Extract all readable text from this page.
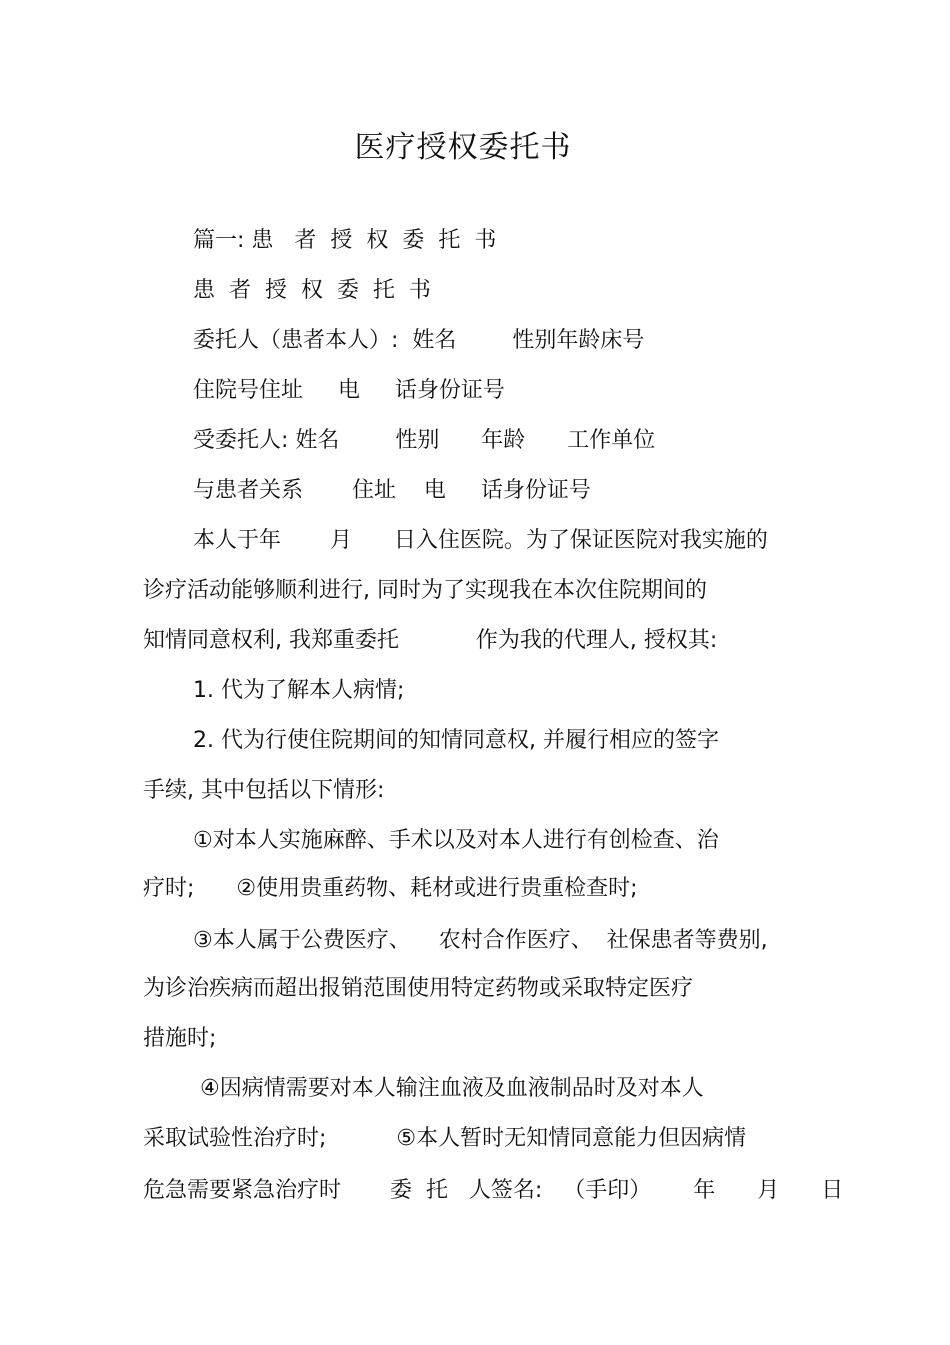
医疗授权委托书
篇一: 患   者  授  权  委  托  书
患  者  授  权  委  托  书
委托人（患者本人）:  姓名        性别年龄床号
住院号住址     电     话身份证号
受委托人: 姓名        性别      年龄      工作单位
与患者关系       住址    电     话身份证号
本人于年       月      日入住医院。为了保证医院对我实施的
诊疗活动能够顺利进行, 同时为了实现我在本次住院期间的
知情同意权利, 我郑重委托           作为我的代理人, 授权其:
1. 代为了解本人病情;
2. 代为行使住院期间的知情同意权, 并履行相应的签字
手续, 其中包括以下情形:
①对本人实施麻醉、手术以及对本人进行有创检查、治
疗时;      ②使用贵重药物、耗材或进行贵重检查时;
③本人属于公费医疗、    农村合作医疗、  社保患者等费别,
为诊治疾病而超出报销范围使用特定药物或采取特定医疗
措施时;
④因病情需要对本人输注血液及血液制品时及对本人
采取试验性治疗时;          ⑤本人暂时无知情同意能力但因病情
危急需要紧急治疗时       委  托   人签名:   （手印）      年      月      日
